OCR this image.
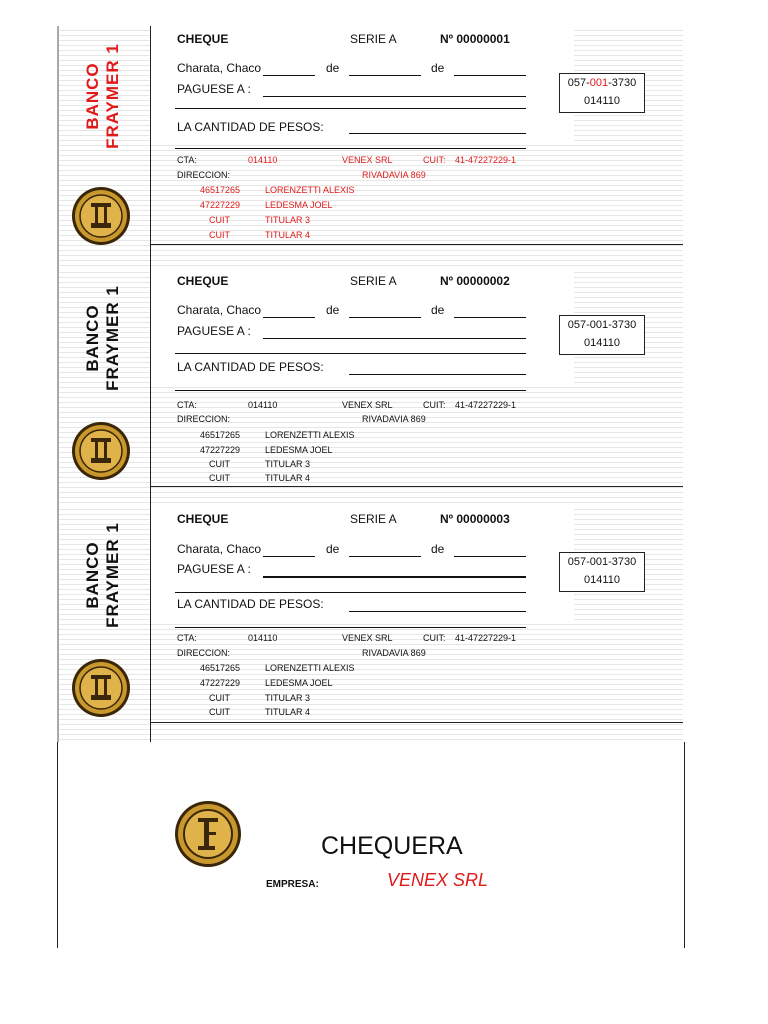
BANCO FRAYMER 1
CHEQUE	SERIE A	Nº 00000001
Charata, Chaco	de	de
PAGUESE A :	057-001-3730
014110
LA CANTIDAD DE PESOS:
CTA:	014110	VENEX SRL	CUIT: 41-47227229-1
DIRECCION:	RIVADAVIA 869
46517265	LORENZETTI ALEXIS
47227229	LEDESMA JOEL
CUIT	TITULAR 3
CUIT	TITULAR 4
BANCO FRAYMER 1
CHEQUE	SERIE A	Nº 00000002
Charata, Chaco	de	de
PAGUESE A :	057-001-3730
014110
LA CANTIDAD DE PESOS:
CTA:	014110	VENEX SRL	CUIT: 41-47227229-1
DIRECCION:	RIVADAVIA 869
46517265	LORENZETTI ALEXIS
47227229	LEDESMA JOEL
CUIT	TITULAR 3
CUIT	TITULAR 4
BANCO FRAYMER 1
CHEQUE	SERIE A	Nº 00000003
Charata, Chaco	de	de
PAGUESE A :	057-001-3730
014110
LA CANTIDAD DE PESOS:
CTA:	014110	VENEX SRL	CUIT: 41-47227229-1
DIRECCION:	RIVADAVIA 869
46517265	LORENZETTI ALEXIS
47227229	LEDESMA JOEL
CUIT	TITULAR 3
CUIT	TITULAR 4
CHEQUERA
EMPRESA:	VENEX SRL
